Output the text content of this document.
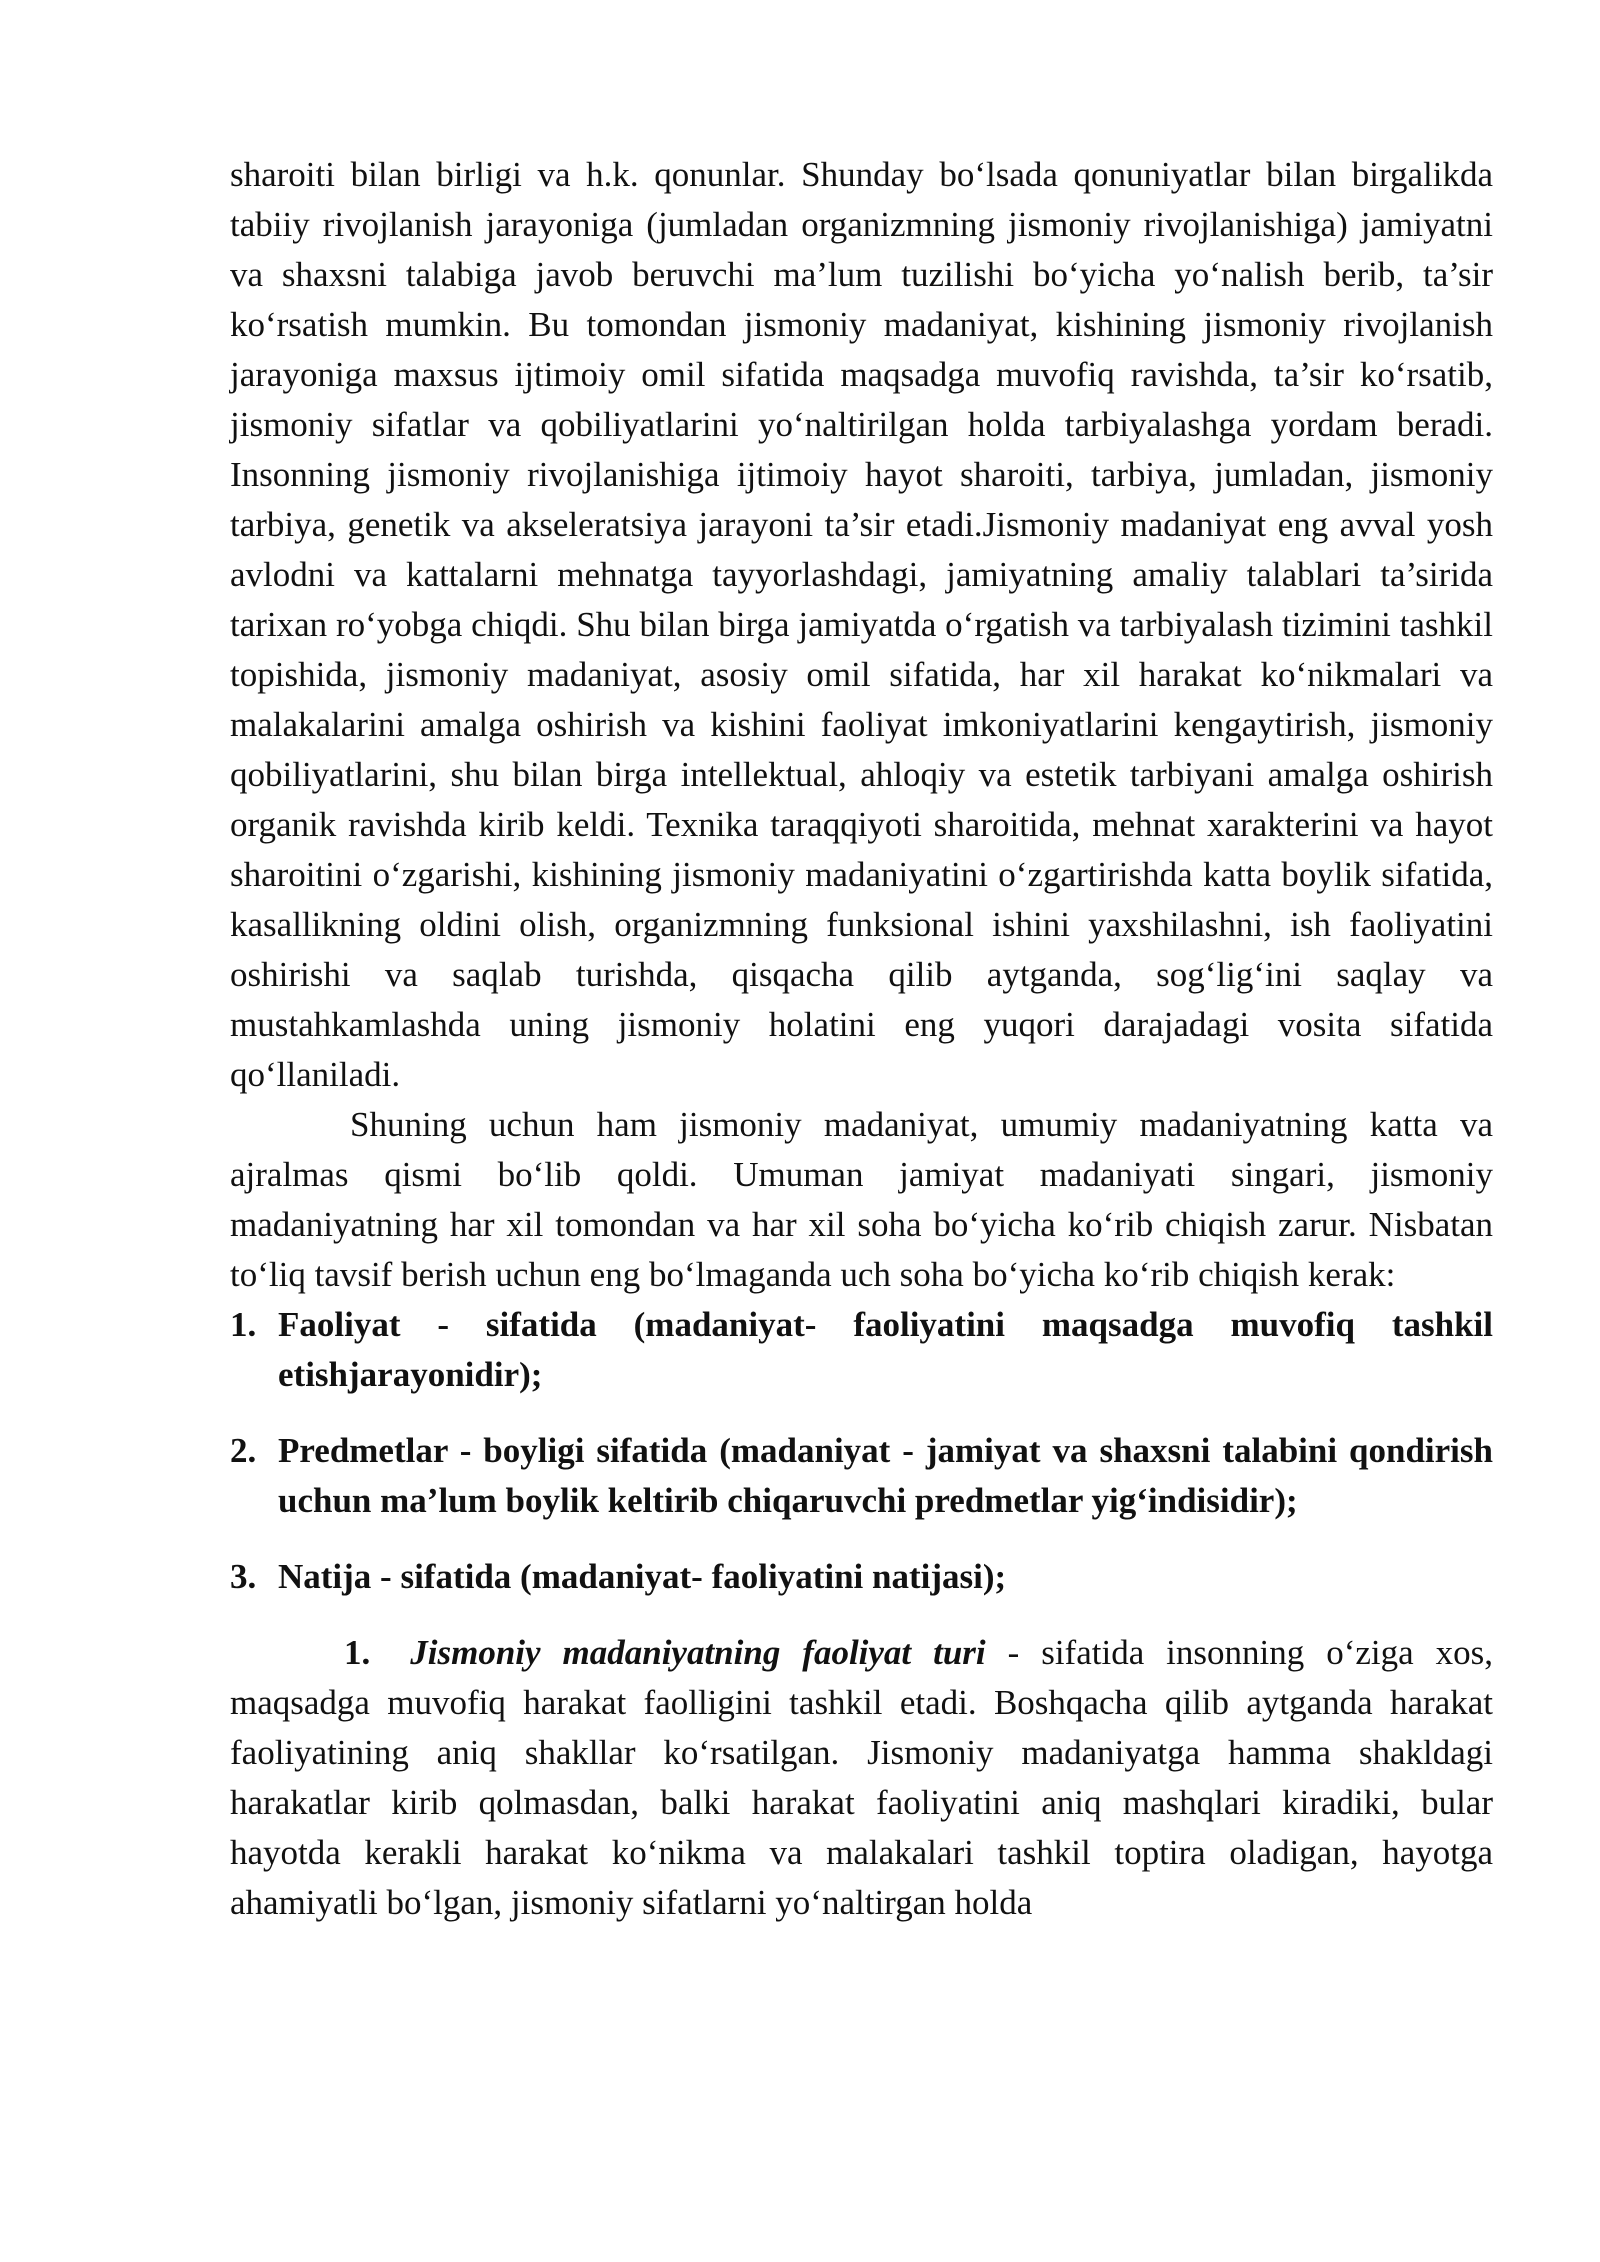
sharoiti bilan birligi va h.k. qonunlar. Shunday bo‘lsada qonuniyatlar bilan birgalikda tabiiy rivojlanish jarayoniga (jumladan organizmning jismoniy rivojlanishiga) jamiyatni va shaxsni talabiga javob beruvchi ma’lum tuzilishi bo‘yicha yo‘nalish berib, ta’sir ko‘rsatish mumkin. Bu tomondan jismoniy madaniyat, kishining jismoniy rivojlanish jarayoniga maxsus ijtimoiy omil sifatida maqsadga muvofiq ravishda, ta’sir ko‘rsatib, jismoniy sifatlar va qobiliyatlarini yo‘naltirilgan holda tarbiyalashga yordam beradi. Insonning jismoniy rivojlanishiga ijtimoiy hayot sharoiti, tarbiya, jumladan, jismoniy tarbiya, genetik va akseleratsiya jarayoni ta’sir etadi.Jismoniy madaniyat eng avval yosh avlodni va kattalarni mehnatga tayyorlashdagi, jamiyatning amaliy talablari ta’sirida tarixan ro‘yobga chiqdi. Shu bilan birga jamiyatda o‘rgatish va tarbiyalash tizimini tashkil topishida, jismoniy madaniyat, asosiy omil sifatida, har xil harakat ko‘nikmalari va malakalarini amalga oshirish va kishini faoliyat imkoniyatlarini kengaytirish, jismoniy qobiliyatlarini, shu bilan birga intellektual, ahloqiy va estetik tarbiyani amalga oshirish organik ravishda kirib keldi. Texnika taraqqiyoti sharoitida, mehnat xarakterini va hayot sharoitini o‘zgarishi, kishining jismoniy madaniyatini o‘zgartirishda katta boylik sifatida, kasallikning oldini olish, organizmning funksional ishini yaxshilashni, ish faoliyatini oshirishi va saqlab turishda, qisqacha qilib aytganda, sog‘lig‘ini saqlay va mustahkamlashda uning jismoniy holatini eng yuqori darajadagi vosita sifatida qo‘llaniladi.

Shuning uchun ham jismoniy madaniyat, umumiy madaniyatning katta va ajralmas qismi bo‘lib qoldi. Umuman jamiyat madaniyati singari, jismoniy madaniyatning har xil tomondan va har xil soha bo‘yicha ko‘rib chiqish zarur. Nisbatan to‘liq tavsif berish uchun eng bo‘lmaganda uch soha bo‘yicha ko‘rib chiqish kerak:

1. Faoliyat - sifatida (madaniyat- faoliyatini maqsadga muvofiq tashkil etishjarayonidir);
2. Predmetlar - boyligi sifatida (madaniyat - jamiyat va shaxsni talabini qondirish uchun ma’lum boylik keltirib chiqaruvchi predmetlar yig‘indisidir);
3. Natija - sifatida (madaniyat- faoliyatini natijasi);

1. Jismoniy madaniyatning faoliyat turi - sifatida insonning o‘ziga xos, maqsadga muvofiq harakat faolligini tashkil etadi. Boshqacha qilib aytganda harakat faoliyatining aniq shakllar ko‘rsatilgan. Jismoniy madaniyatga hamma shakldagi harakatlar kirib qolmasdan, balki harakat faoliyatini aniq mashqlari kiradiki, bular hayotda kerakli harakat ko‘nikma va malakalari tashkil toptira oladigan, hayotga ahamiyatli bo‘lgan, jismoniy sifatlarni yo‘naltirgan holda
